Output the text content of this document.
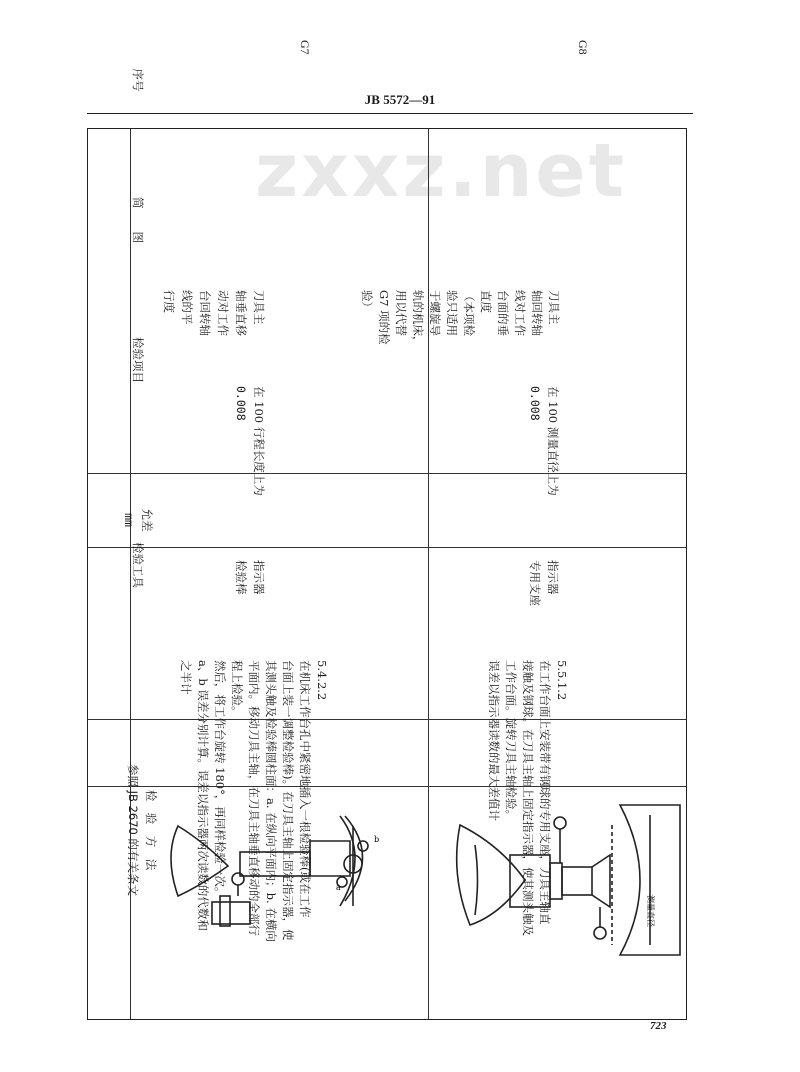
JB 5572—91
zxxz.net
a
b
序号
简　　图
检验项目
允差
mm
检验工具
检　验　方　法
参照 JB 2670 的有关条文
G7
刀具主
轴垂直移
动对工作
台回转轴
线的平
行度
在 100 行程长度上为
0.008
指示器
检验棒
5.4.2.2
在机床工作台孔中紧密地插入一根检验棒(或在工作
台面上装一调整检验棒)。在刀具主轴上固定指示器，使
其测头触及检验棒圆柱面：a. 在纵向平面内；b. 在横向
平面内。移动刀具主轴，在刀具主轴垂直移动的全部行
程上检验。
然后，将工作台旋转 180°，再同样检验一次。
a、b 误差分别计算。误差以指示器两次读数的代数和
之半计
G8
刀具主
轴回转轴
线对工作
台面的垂
直度
（本项检
验只适用
于螺旋导
轨的机床，
用以代替
G7 项的检
验）
在 100 测量直径上为
0.008
指示器
专用支座
5.5.1.2
在工作台面上安装带有钢球的专用支座，刀具主轴直
接触及钢球。在刀具主轴上固定指示器，使其测头触及
工作台面。旋转刀具主轴检验。
误差以指示器读数的最大差值计
测量直径
723
